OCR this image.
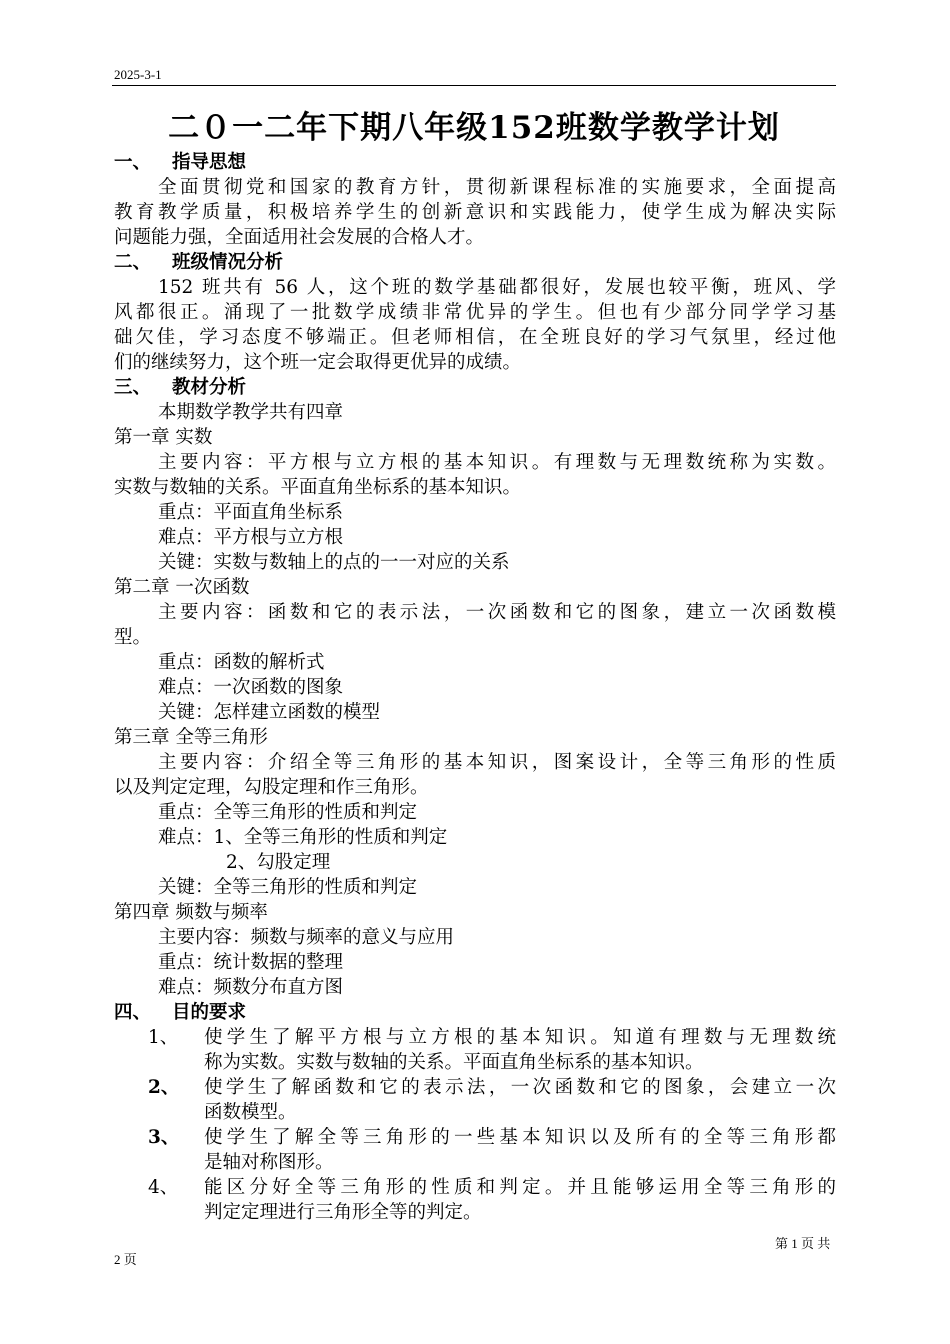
2025-3-1
二０一二年下期八年级152班数学教学计划
一、 指导思想
全面贯彻党和国家的教育方针，贯彻新课程标准的实施要求，全面提高
教育教学质量，积极培养学生的创新意识和实践能力，使学生成为解决实际
问题能力强，全面适用社会发展的合格人才。
二、 班级情况分析
152 班共有 56 人，这个班的数学基础都很好，发展也较平衡，班风、学
风都很正。涌现了一批数学成绩非常优异的学生。但也有少部分同学学习基
础欠佳，学习态度不够端正。但老师相信，在全班良好的学习气氛里，经过他
们的继续努力，这个班一定会取得更优异的成绩。
三、 教材分析
本期数学教学共有四章
第一章 实数
主要内容：平方根与立方根的基本知识。有理数与无理数统称为实数。
实数与数轴的关系。平面直角坐标系的基本知识。
重点：平面直角坐标系
难点：平方根与立方根
关键：实数与数轴上的点的一一对应的关系
第二章 一次函数
主要内容：函数和它的表示法，一次函数和它的图象，建立一次函数模
型。
重点：函数的解析式
难点：一次函数的图象
关键：怎样建立函数的模型
第三章 全等三角形
主要内容：介绍全等三角形的基本知识，图案设计，全等三角形的性质
以及判定定理，勾股定理和作三角形。
重点：全等三角形的性质和判定
难点：1、全等三角形的性质和判定
2、勾股定理
关键：全等三角形的性质和判定
第四章 频数与频率
主要内容：频数与频率的意义与应用
重点：统计数据的整理
难点：频数分布直方图
四、 目的要求
1、	使学生了解平方根与立方根的基本知识。知道有理数与无理数统
称为实数。实数与数轴的关系。平面直角坐标系的基本知识。
2、	使学生了解函数和它的表示法，一次函数和它的图象，会建立一次
函数模型。
3、	使学生了解全等三角形的一些基本知识以及所有的全等三角形都
是轴对称图形。
4、	能区分好全等三角形的性质和判定。并且能够运用全等三角形的
判定定理进行三角形全等的判定。
第 1 页 共
2 页
